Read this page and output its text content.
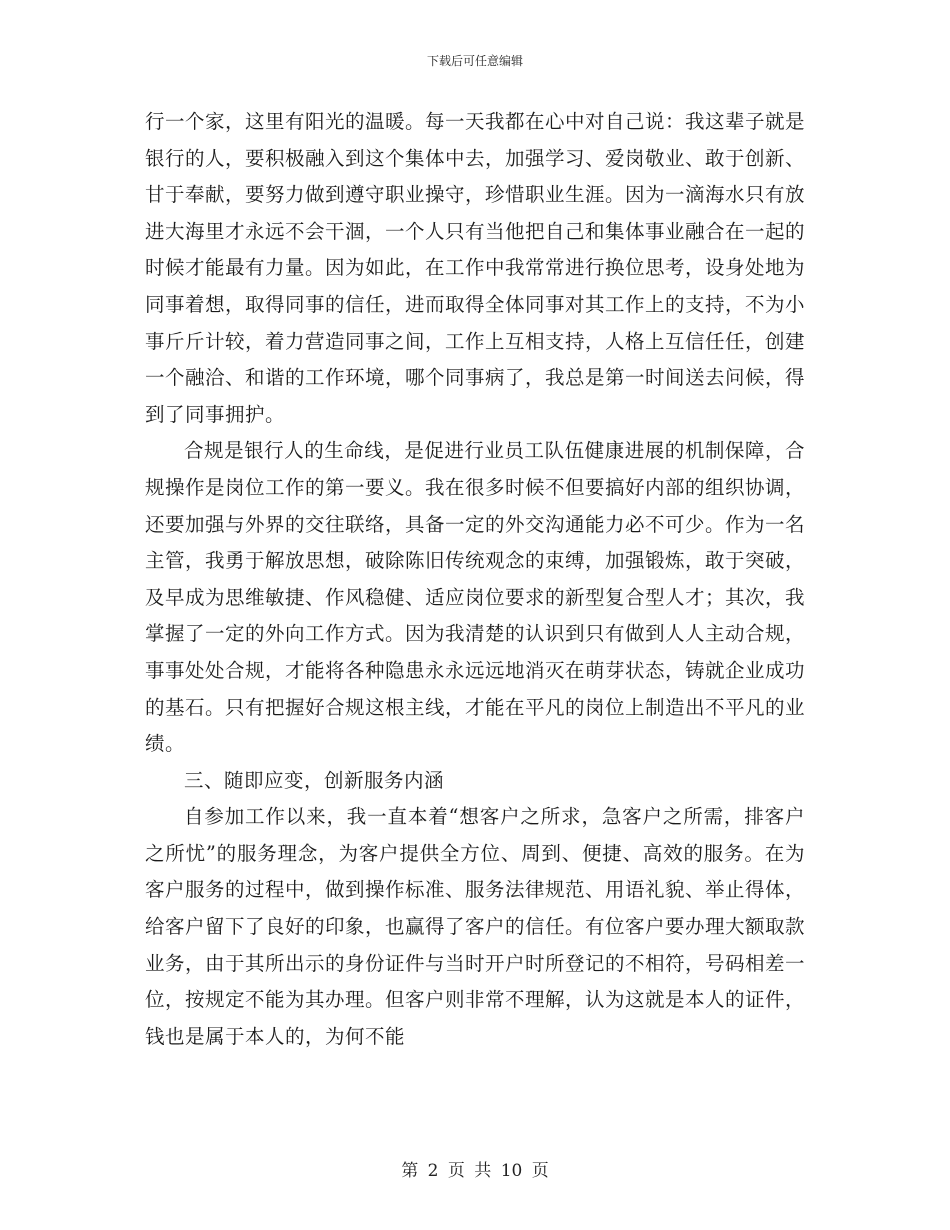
下载后可任意编辑

行一个家，这里有阳光的温暖。每一天我都在心中对自己说：我这辈子就是银行的人，要积极融入到这个集体中去，加强学习、爱岗敬业、敢于创新、甘于奉献，要努力做到遵守职业操守，珍惜职业生涯。因为一滴海水只有放进大海里才永远不会干涸，一个人只有当他把自己和集体事业融合在一起的时候才能最有力量。因为如此，在工作中我常常进行换位思考，设身处地为同事着想，取得同事的信任，进而取得全体同事对其工作上的支持，不为小事斤斤计较，着力营造同事之间，工作上互相支持，人格上互信任任，创建一个融洽、和谐的工作环境，哪个同事病了，我总是第一时间送去问候，得到了同事拥护。

合规是银行人的生命线，是促进行业员工队伍健康进展的机制保障，合规操作是岗位工作的第一要义。我在很多时候不但要搞好内部的组织协调，还要加强与外界的交往联络，具备一定的外交沟通能力必不可少。作为一名主管，我勇于解放思想，破除陈旧传统观念的束缚，加强锻炼，敢于突破，及早成为思维敏捷、作风稳健、适应岗位要求的新型复合型人才；其次，我掌握了一定的外向工作方式。因为我清楚的认识到只有做到人人主动合规，事事处处合规，才能将各种隐患永永远远地消灭在萌芽状态，铸就企业成功的基石。只有把握好合规这根主线，才能在平凡的岗位上制造出不平凡的业绩。

三、随即应变，创新服务内涵

自参加工作以来，我一直本着“想客户之所求，急客户之所需，排客户之所忧”的服务理念，为客户提供全方位、周到、便捷、高效的服务。在为客户服务的过程中，做到操作标准、服务法律规范、用语礼貌、举止得体，给客户留下了良好的印象，也赢得了客户的信任。有位客户要办理大额取款业务，由于其所出示的身份证件与当时开户时所登记的不相符，号码相差一位，按规定不能为其办理。但客户则非常不理解，认为这就是本人的证件，钱也是属于本人的，为何不能

第 2 页 共 10 页
